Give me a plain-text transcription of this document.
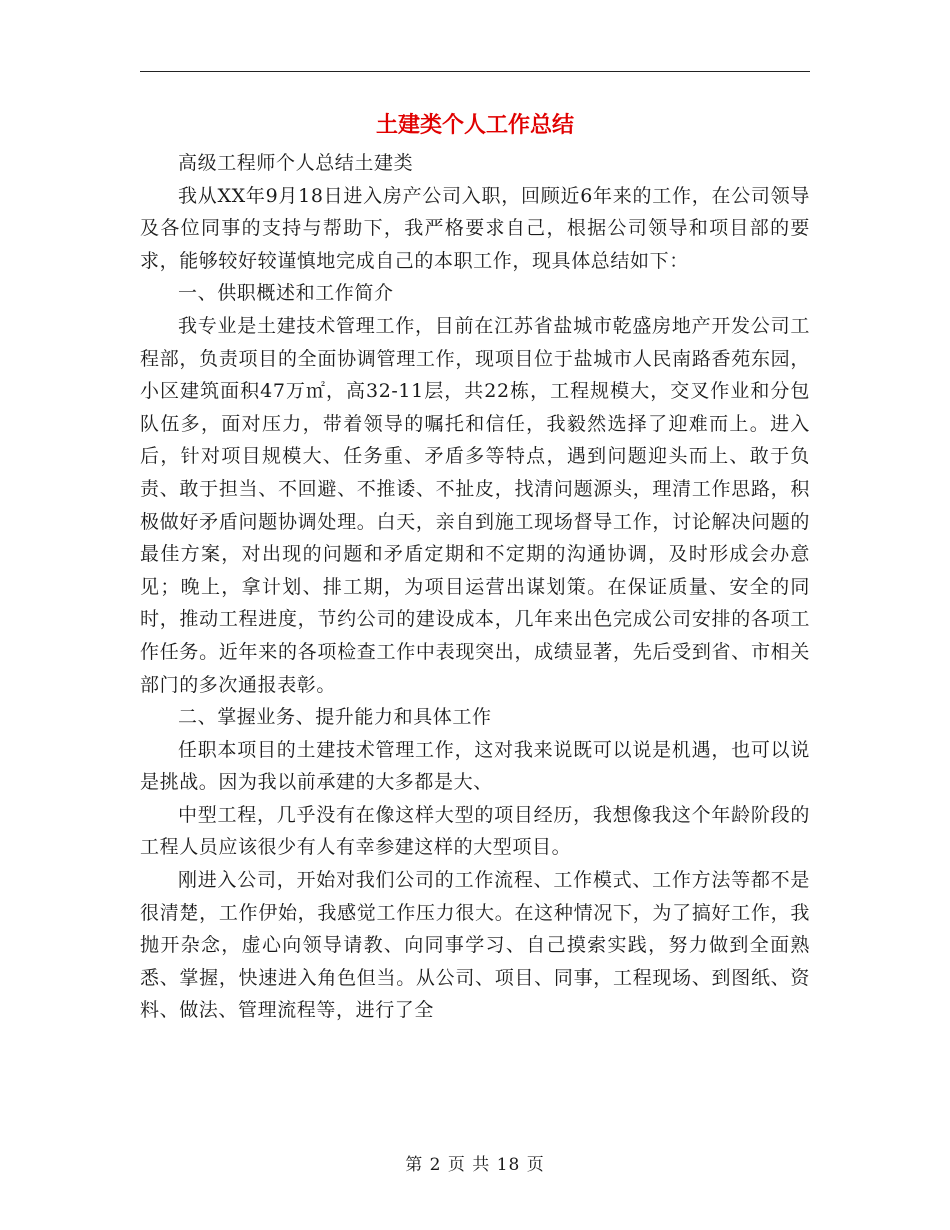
土建类个人工作总结

高级工程师个人总结土建类

我从XX年9月18日进入房产公司入职，回顾近6年来的工作，在公司领导及各位同事的支持与帮助下，我严格要求自己，根据公司领导和项目部的要求，能够较好较谨慎地完成自己的本职工作，现具体总结如下：

一、供职概述和工作简介

我专业是土建技术管理工作，目前在江苏省盐城市乾盛房地产开发公司工程部，负责项目的全面协调管理工作，现项目位于盐城市人民南路香苑东园，小区建筑面积47万㎡，高32-11层，共22栋，工程规模大，交叉作业和分包队伍多，面对压力，带着领导的嘱托和信任，我毅然选择了迎难而上。进入后，针对项目规模大、任务重、矛盾多等特点，遇到问题迎头而上、敢于负责、敢于担当、不回避、不推诿、不扯皮，找清问题源头，理清工作思路，积极做好矛盾问题协调处理。白天，亲自到施工现场督导工作，讨论解决问题的最佳方案，对出现的问题和矛盾定期和不定期的沟通协调，及时形成会办意见；晚上，拿计划、排工期，为项目运营出谋划策。在保证质量、安全的同时，推动工程进度，节约公司的建设成本，几年来出色完成公司安排的各项工作任务。近年来的各项检查工作中表现突出，成绩显著，先后受到省、市相关部门的多次通报表彰。

二、掌握业务、提升能力和具体工作

任职本项目的土建技术管理工作，这对我来说既可以说是机遇，也可以说是挑战。因为我以前承建的大多都是大、

中型工程，几乎没有在像这样大型的项目经历，我想像我这个年龄阶段的工程人员应该很少有人有幸参建这样的大型项目。

刚进入公司，开始对我们公司的工作流程、工作模式、工作方法等都不是很清楚，工作伊始，我感觉工作压力很大。在这种情况下，为了搞好工作，我抛开杂念，虚心向领导请教、向同事学习、自己摸索实践，努力做到全面熟悉、掌握，快速进入角色但当。从公司、项目、同事，工程现场、到图纸、资料、做法、管理流程等，进行了全

第 2 页 共 18 页
